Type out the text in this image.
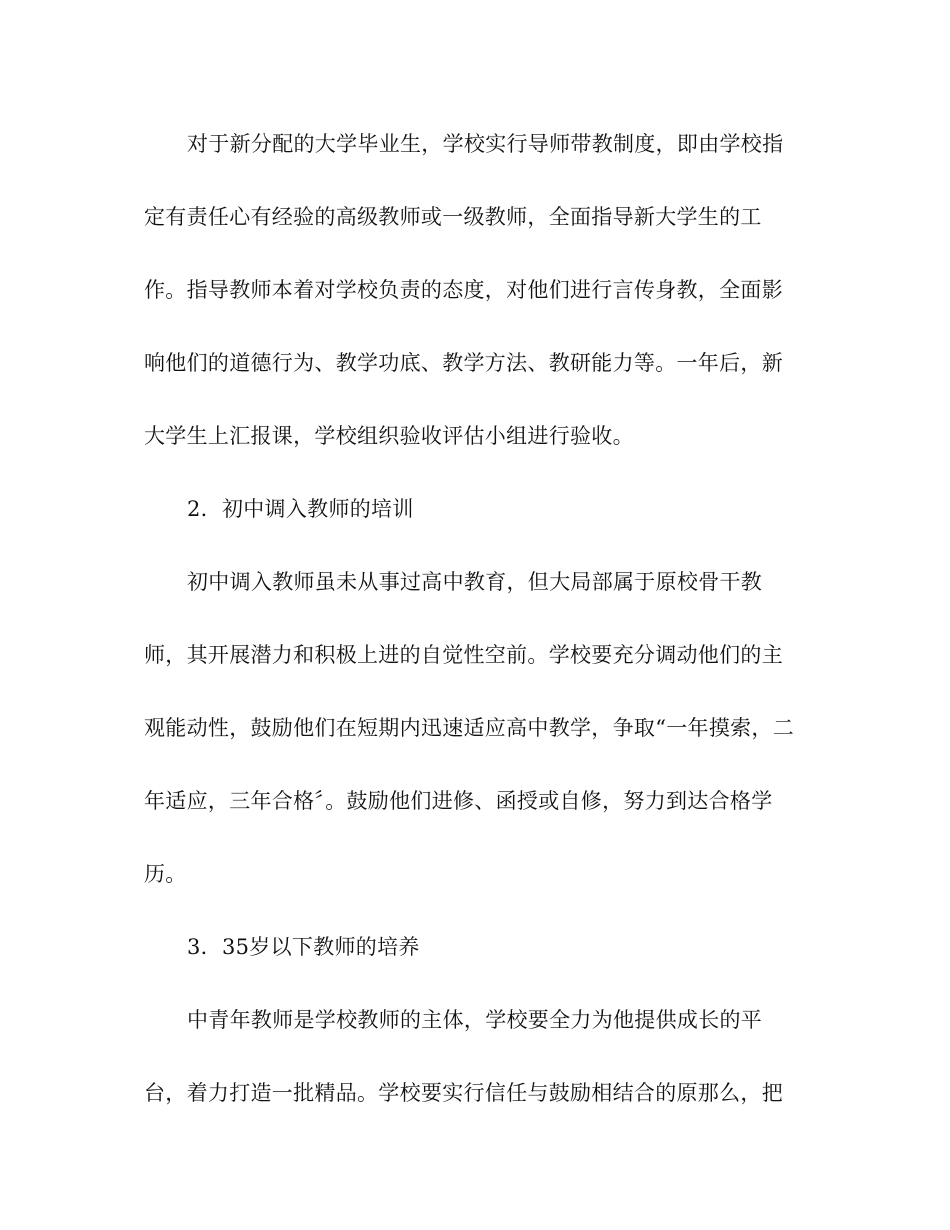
对于新分配的大学毕业生，学校实行导师带教制度，即由学校指
定有责任心有经验的高级教师或一级教师，全面指导新大学生的工
作。指导教师本着对学校负责的态度，对他们进行言传身教，全面影
响他们的道德行为、教学功底、教学方法、教研能力等。一年后，新
大学生上汇报课，学校组织验收评估小组进行验收。
2．初中调入教师的培训
初中调入教师虽未从事过高中教育，但大局部属于原校骨干教
师，其开展潜力和积极上进的自觉性空前。学校要充分调动他们的主
观能动性，鼓励他们在短期内迅速适应高中教学，争取“一年摸索，二
年适应，三年合格〞。鼓励他们进修、函授或自修，努力到达合格学
历。
3．35岁以下教师的培养
中青年教师是学校教师的主体，学校要全力为他提供成长的平
台，着力打造一批精品。学校要实行信任与鼓励相结合的原那么，把
